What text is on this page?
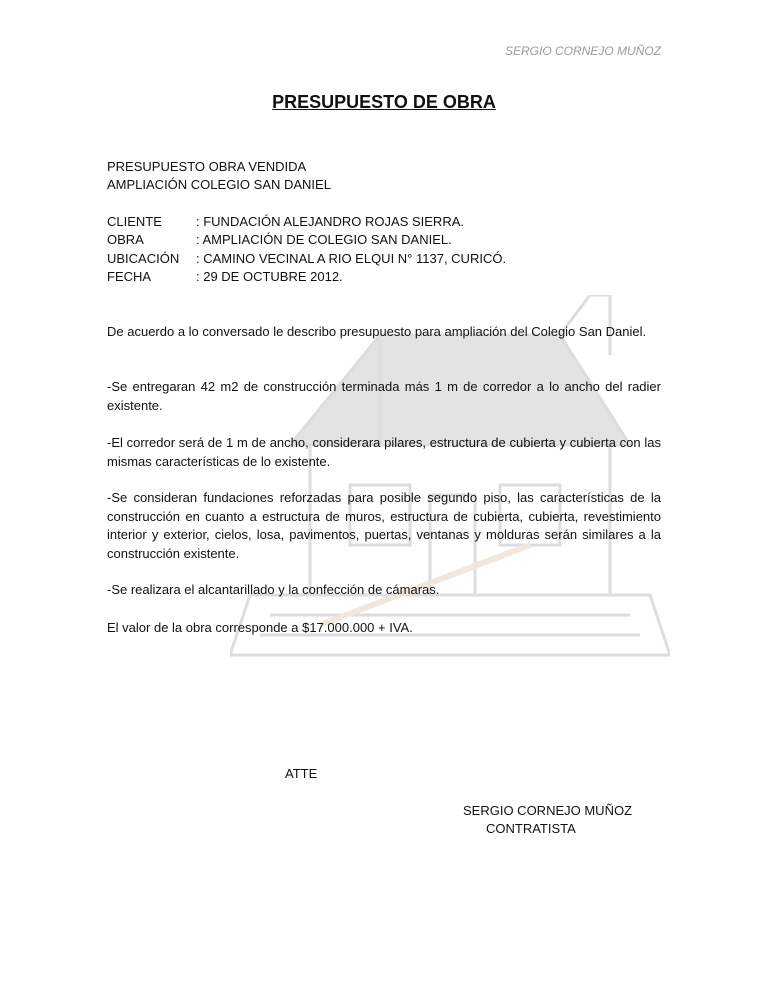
SERGIO CORNEJO MUÑOZ
PRESUPUESTO DE OBRA
PRESUPUESTO OBRA VENDIDA
AMPLIACIÓN COLEGIO SAN DANIEL
CLIENTE	: FUNDACIÓN ALEJANDRO ROJAS SIERRA.
OBRA	: AMPLIACIÓN DE COLEGIO SAN DANIEL.
UBICACIÓN : CAMINO VECINAL A RIO ELQUI N° 1137, CURICÓ.
FECHA	: 29 DE OCTUBRE 2012.
De acuerdo a lo conversado le describo presupuesto para ampliación del Colegio San Daniel.
-Se entregaran 42 m2 de construcción terminada más 1 m de corredor a lo ancho del radier existente.
-El corredor será de 1 m de ancho, considerara pilares, estructura de cubierta y cubierta con las mismas características de lo existente.
-Se consideran fundaciones reforzadas para posible segundo piso, las características de la construcción en cuanto a estructura de muros, estructura de cubierta, cubierta, revestimiento interior y exterior, cielos, losa, pavimentos, puertas, ventanas y molduras serán similares a la construcción existente.
-Se realizara el alcantarillado y la confección de cámaras.
El valor de la obra corresponde a $17.000.000 + IVA.
ATTE
SERGIO CORNEJO MUÑOZ
CONTRATISTA
